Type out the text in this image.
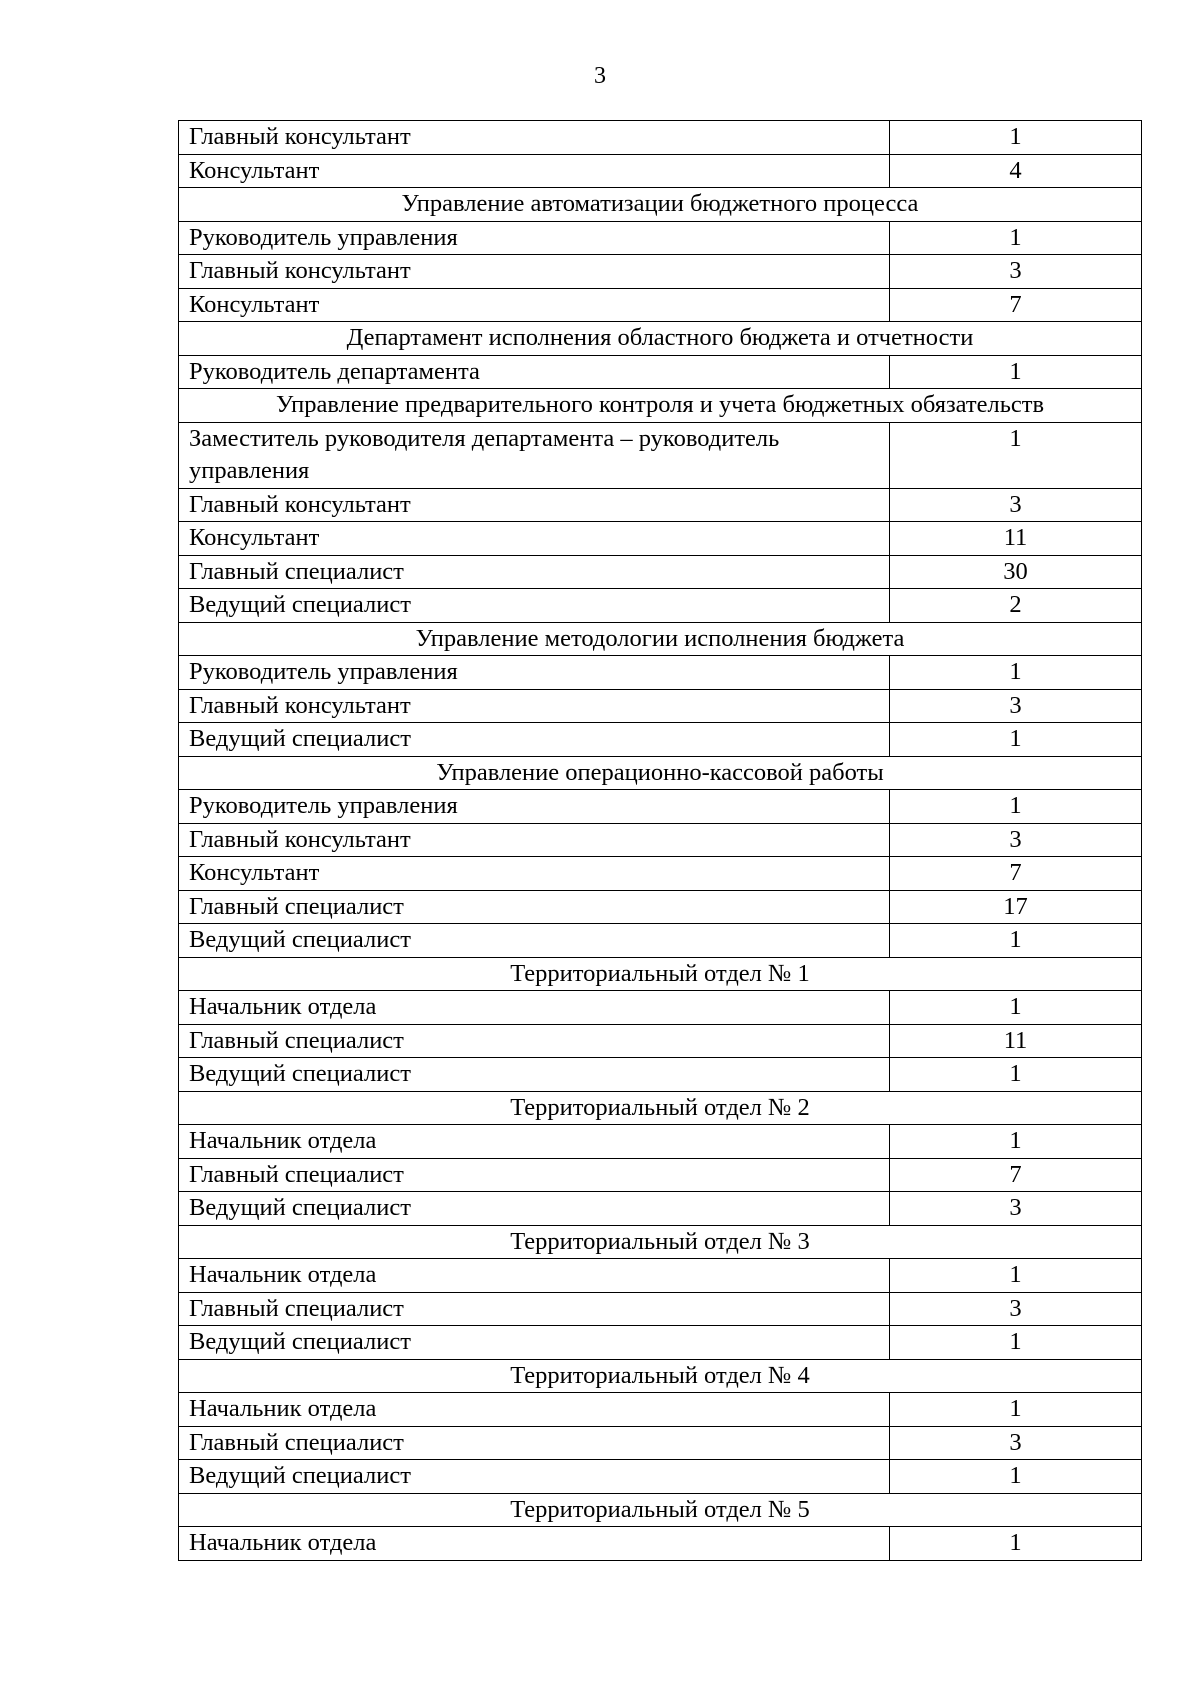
3
Главный консультант	1
Консультант	4
Управление автоматизации бюджетного процесса	
Руководитель управления	1
Главный консультант	3
Консультант	7
Департамент исполнения областного бюджета и отчетности	
Руководитель департамента	1
Управление предварительного контроля и учета бюджетных обязательств	
Заместитель руководителя департамента – руководитель управления	1
Главный консультант	3
Консультант	11
Главный специалист	30
Ведущий специалист	2
Управление методологии исполнения бюджета	
Руководитель управления	1
Главный консультант	3
Ведущий специалист	1
Управление операционно-кассовой работы	
Руководитель управления	1
Главный консультант	3
Консультант	7
Главный специалист	17
Ведущий специалист	1
Территориальный отдел № 1	
Начальник отдела	1
Главный специалист	11
Ведущий специалист	1
Территориальный отдел № 2	
Начальник отдела	1
Главный специалист	7
Ведущий специалист	3
Территориальный отдел № 3	
Начальник отдела	1
Главный специалист	3
Ведущий специалист	1
Территориальный отдел № 4	
Начальник отдела	1
Главный специалист	3
Ведущий специалист	1
Территориальный отдел № 5	
Начальник отдела	1
